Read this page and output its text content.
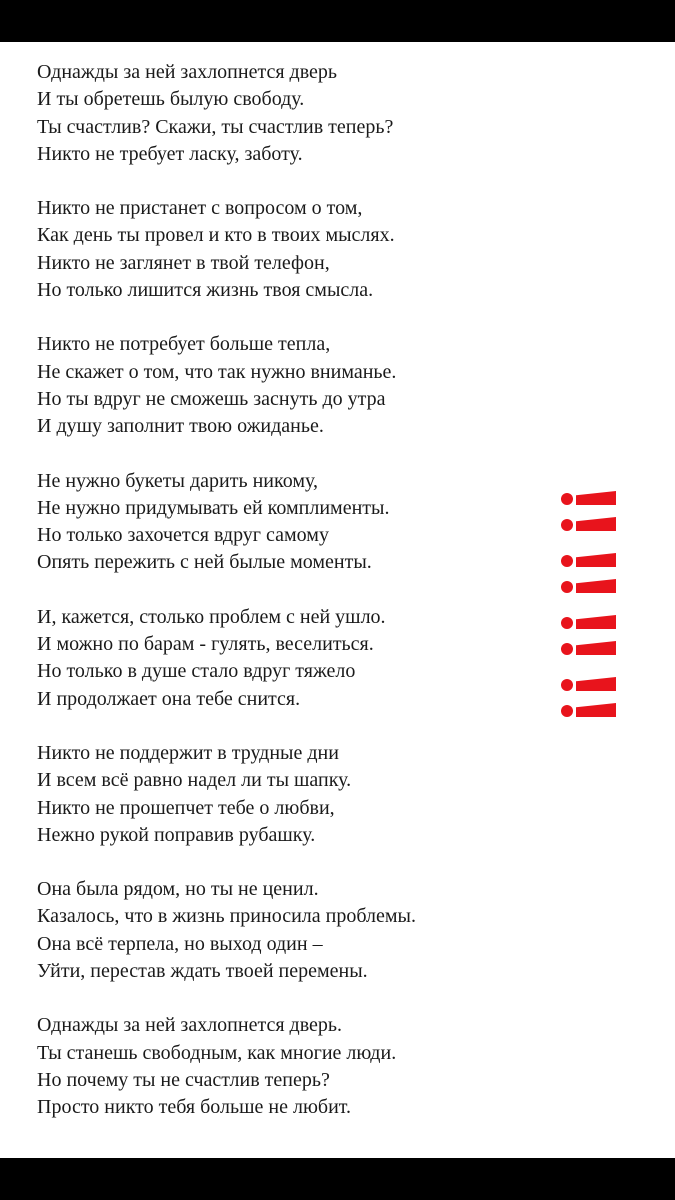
Однажды за ней захлопнется дверь
И ты обретешь былую свободу.
Ты счастлив? Скажи, ты счастлив теперь?
Никто не требует ласку, заботу.
Никто не пристанет с вопросом о том,
Как день ты провел и кто в твоих мыслях.
Никто не заглянет в твой телефон,
Но только лишится жизнь твоя смысла.
Никто не потребует больше тепла,
Не скажет о том, что так нужно вниманье.
Но ты вдруг не сможешь заснуть до утра
И душу заполнит твою ожиданье.
Не нужно букеты дарить никому,
Не нужно придумывать ей комплименты.
Но только захочется вдруг самому
Опять пережить с ней былые моменты.
И, кажется, столько проблем с ней ушло.
И можно по барам - гулять, веселиться.
Но только в душе стало вдруг тяжело
И продолжает она тебе снится.
Никто не поддержит в трудные дни
И всем всё равно надел ли ты шапку.
Никто не прошепчет тебе о любви,
Нежно рукой поправив рубашку.
Она была рядом, но ты не ценил.
Казалось, что в жизнь приносила проблемы.
Она всё терпела, но выход один –
Уйти, перестав ждать твоей перемены.
Однажды за ней захлопнется дверь.
Ты станешь свободным, как многие люди.
Но почему ты не счастлив теперь?
Просто никто тебя больше не любит.
